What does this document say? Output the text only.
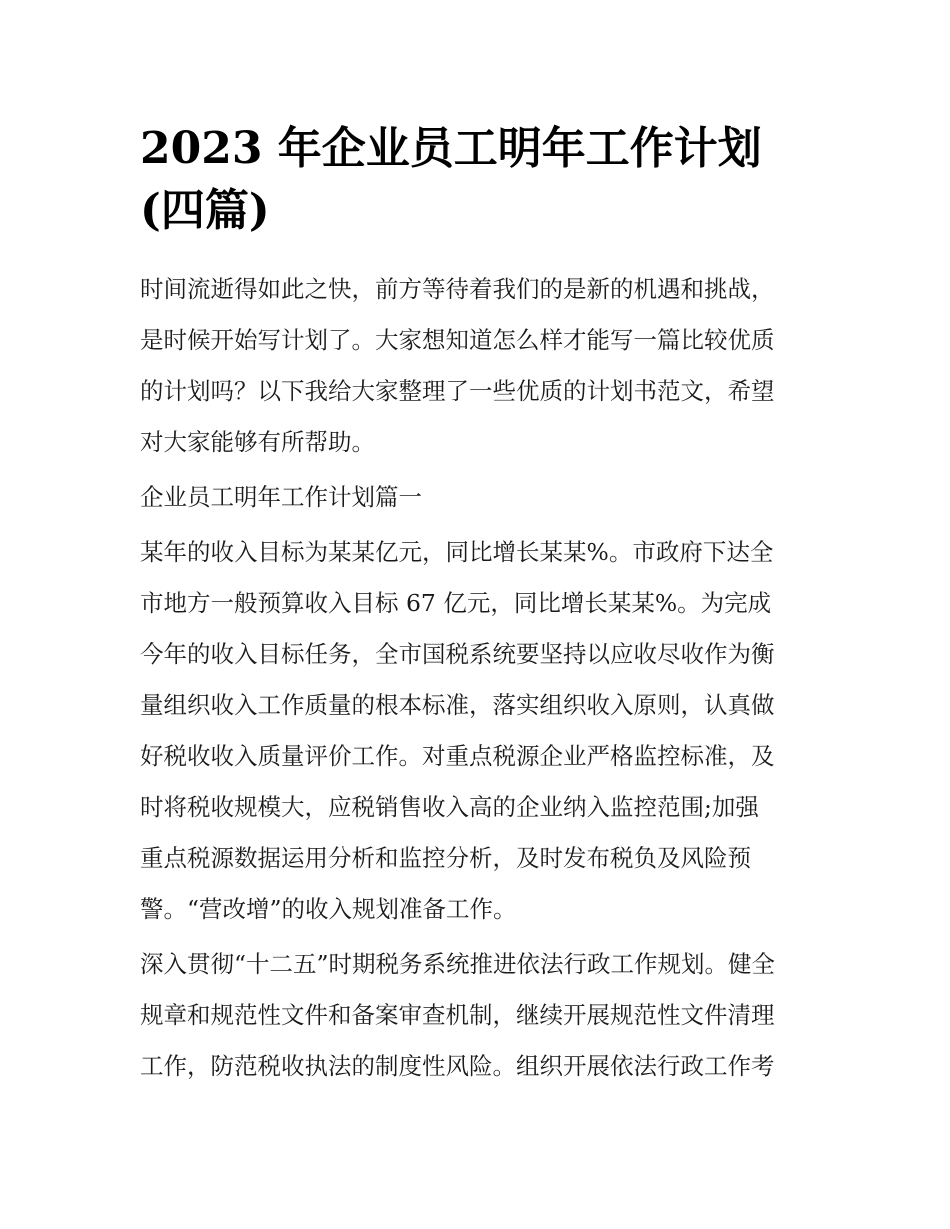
2023 年企业员工明年工作计划
(四篇)

时间流逝得如此之快，前方等待着我们的是新的机遇和挑战，
是时候开始写计划了。大家想知道怎么样才能写一篇比较优质
的计划吗？以下我给大家整理了一些优质的计划书范文，希望
对大家能够有所帮助。

企业员工明年工作计划篇一

某年的收入目标为某某亿元，同比增长某某%。市政府下达全
市地方一般预算收入目标 67 亿元，同比增长某某%。为完成
今年的收入目标任务，全市国税系统要坚持以应收尽收作为衡
量组织收入工作质量的根本标准，落实组织收入原则，认真做
好税收收入质量评价工作。对重点税源企业严格监控标准，及
时将税收规模大，应税销售收入高的企业纳入监控范围;加强
重点税源数据运用分析和监控分析，及时发布税负及风险预
警。“营改增”的收入规划准备工作。

深入贯彻“十二五”时期税务系统推进依法行政工作规划。健全
规章和规范性文件和备案审查机制，继续开展规范性文件清理
工作，防范税收执法的制度性风险。组织开展依法行政工作考
